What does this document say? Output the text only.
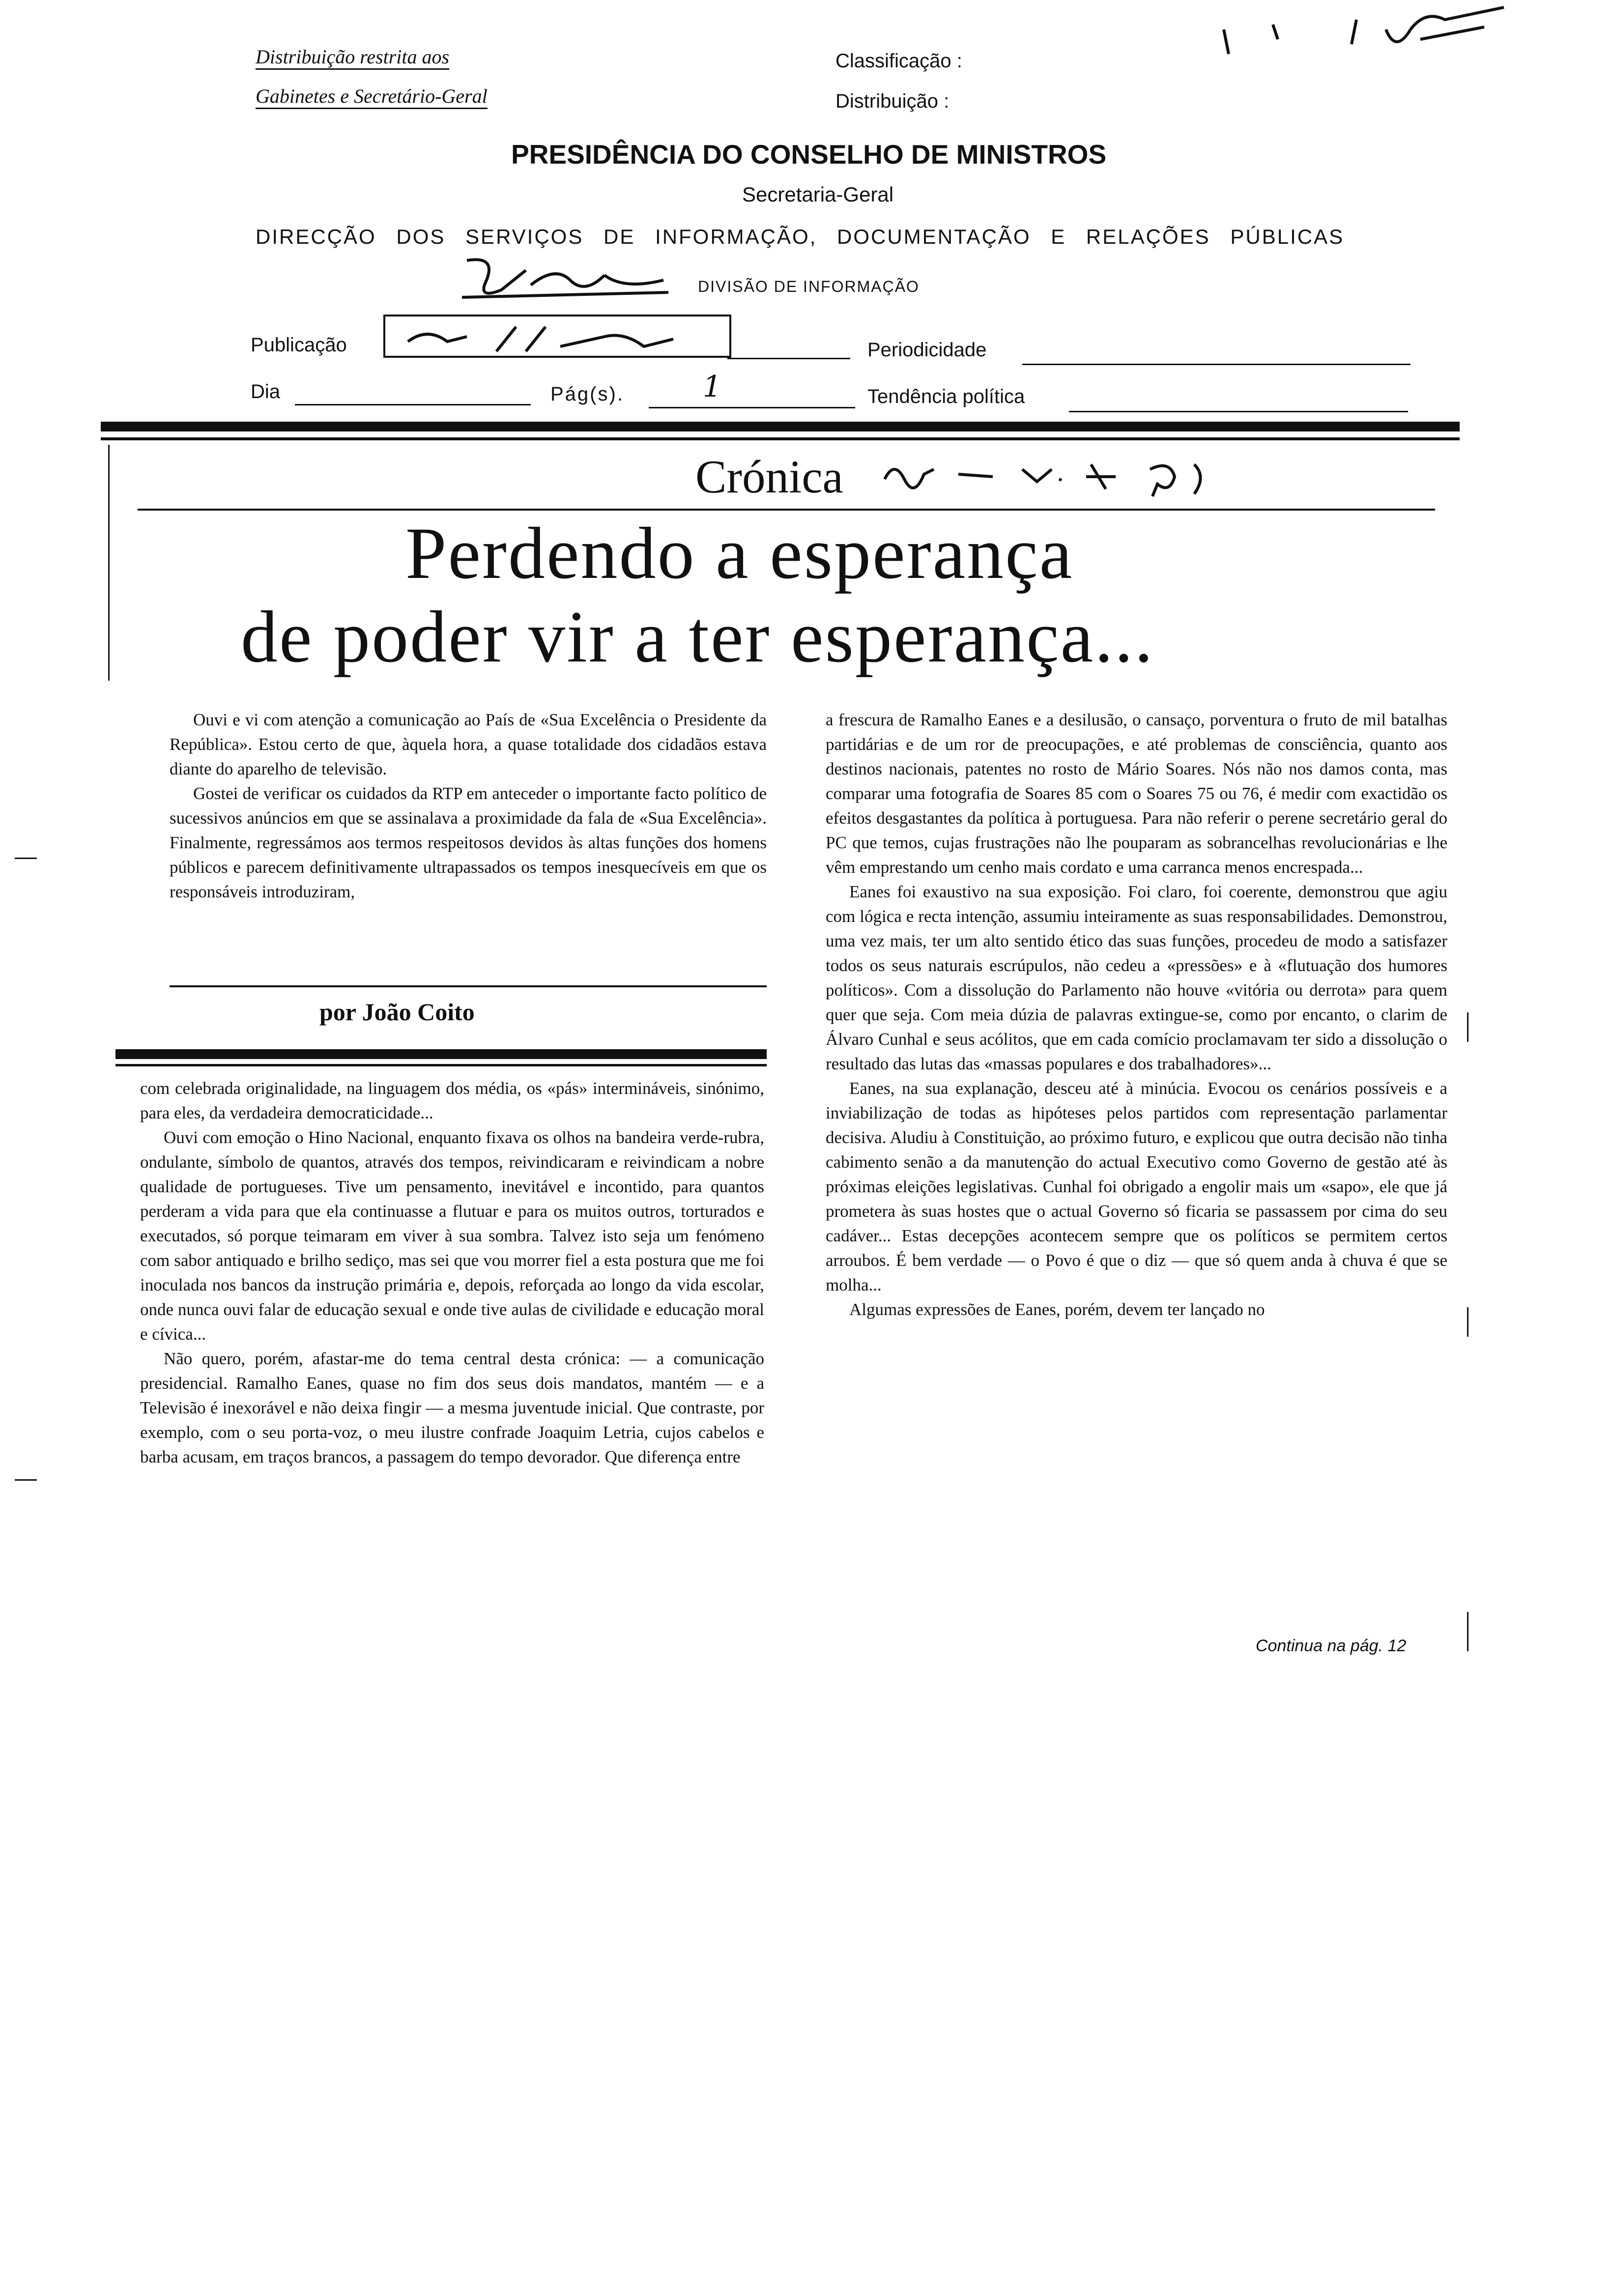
Distribuição restrita aos
Gabinetes e Secretário-Geral
Classificação :
Distribuição :
PRESIDÊNCIA DO CONSELHO DE MINISTROS
Secretaria-Geral
DIRECÇÃO DOS SERVIÇOS DE INFORMAÇÃO, DOCUMENTAÇÃO E RELAÇÕES PÚBLICAS
DIVISÃO DE INFORMAÇÃO
Publicação	Periodicidade
Dia	Pág(s).	1	Tendência política
Crónica
Perdendo a esperança
de poder vir a ter esperança...

Ouvi e vi com atenção a comunicação ao País de «Sua Excelência o Presidente da República». Estou certo de que, àquela hora, a quase totalidade dos cidadãos estava diante do aparelho de televisão.

Gostei de verificar os cuidados da RTP em anteceder o importante facto político de sucessivos anúncios em que se assinalava a proximidade da fala de «Sua Excelência». Finalmente, regressámos aos termos respeitosos devidos às altas funções dos homens públicos e parecem definitivamente ultrapassados os tempos inesquecíveis em que os responsáveis introduziram,

por João Coito

com celebrada originalidade, na linguagem dos média, os «pás» intermináveis, sinónimo, para eles, da verdadeira democraticidade...

Ouvi com emoção o Hino Nacional, enquanto fixava os olhos na bandeira verde-rubra, ondulante, símbolo de quantos, através dos tempos, reivindicaram e reivindicam a nobre qualidade de portugueses. Tive um pensamento, inevitável e incontido, para quantos perderam a vida para que ela continuasse a flutuar e para os muitos outros, torturados e executados, só porque teimaram em viver à sua sombra. Talvez isto seja um fenómeno com sabor antiquado e brilho sediço, mas sei que vou morrer fiel a esta postura que me foi inoculada nos bancos da instrução primária e, depois, reforçada ao longo da vida escolar, onde nunca ouvi falar de educação sexual e onde tive aulas de civilidade e educação moral e cívica...

Não quero, porém, afastar-me do tema central desta crónica: — a comunicação presidencial. Ramalho Eanes, quase no fim dos seus dois mandatos, mantém — e a Televisão é inexorável e não deixa fingir — a mesma juventude inicial. Que contraste, por exemplo, com o seu porta-voz, o meu ilustre confrade Joaquim Letria, cujos cabelos e barba acusam, em traços brancos, a passagem do tempo devorador. Que diferença entre

a frescura de Ramalho Eanes e a desilusão, o cansaço, porventura o fruto de mil batalhas partidárias e de um ror de preocupações, e até problemas de consciência, quanto aos destinos nacionais, patentes no rosto de Mário Soares. Nós não nos damos conta, mas comparar uma fotografia de Soares 85 com o Soares 75 ou 76, é medir com exactidão os efeitos desgastantes da política à portuguesa. Para não referir o perene secretário geral do PC que temos, cujas frustrações não lhe pouparam as sobrancelhas revolucionárias e lhe vêm emprestando um cenho mais cordato e uma carranca menos encrespada...

Eanes foi exaustivo na sua exposição. Foi claro, foi coerente, demonstrou que agiu com lógica e recta intenção, assumiu inteiramente as suas responsabilidades. Demonstrou, uma vez mais, ter um alto sentido ético das suas funções, procedeu de modo a satisfazer todos os seus naturais escrúpulos, não cedeu a «pressões» e à «flutuação dos humores políticos». Com a dissolução do Parlamento não houve «vitória ou derrota» para quem quer que seja. Com meia dúzia de palavras extingue-se, como por encanto, o clarim de Álvaro Cunhal e seus acólitos, que em cada comício proclamavam ter sido a dissolução o resultado das lutas das «massas populares e dos trabalhadores»...

Eanes, na sua explanação, desceu até à minúcia. Evocou os cenários possíveis e a inviabilização de todas as hipóteses pelos partidos com representação parlamentar decisiva. Aludiu à Constituição, ao próximo futuro, e explicou que outra decisão não tinha cabimento senão a da manutenção do actual Executivo como Governo de gestão até às próximas eleições legislativas. Cunhal foi obrigado a engolir mais um «sapo», ele que já prometera às suas hostes que o actual Governo só ficaria se passassem por cima do seu cadáver... Estas decepções acontecem sempre que os políticos se permitem certos arroubos. É bem verdade — o Povo é que o diz — que só quem anda à chuva é que se molha...

Algumas expressões de Eanes, porém, devem ter lançado no

Continua na pág. 12
